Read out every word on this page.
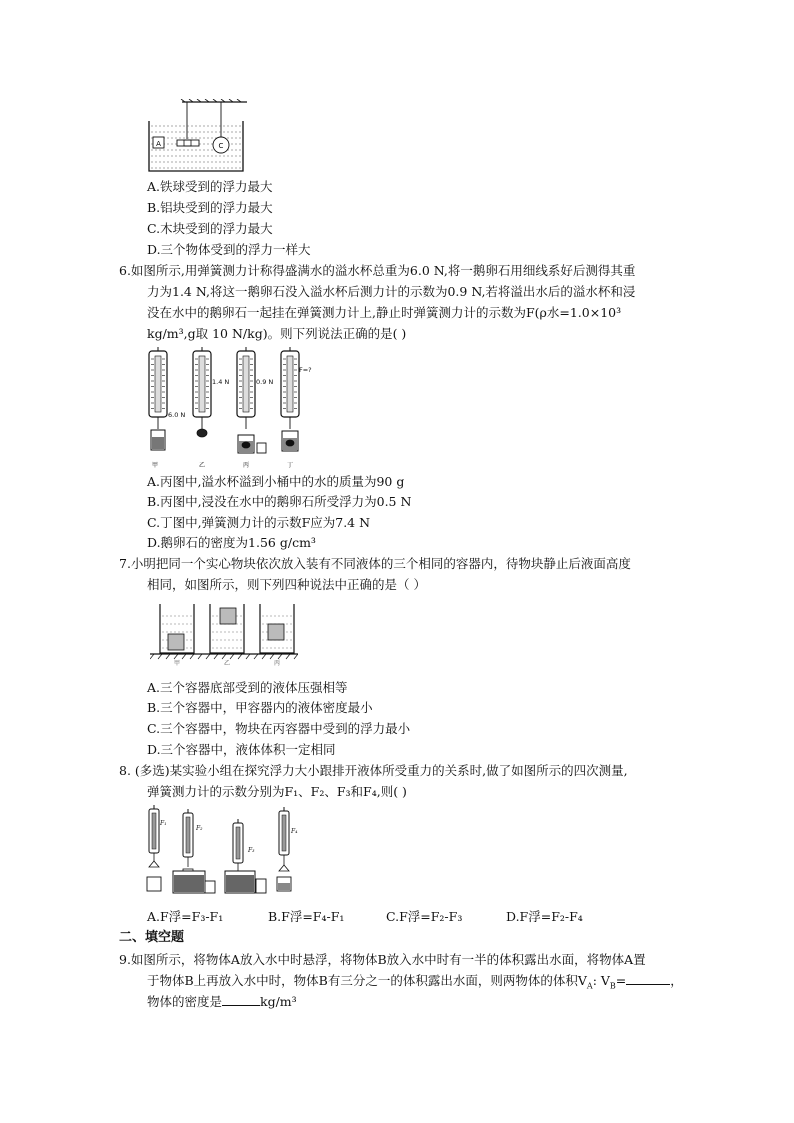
A	C
A.铁球受到的浮力最大
B.铝块受到的浮力最大
C.木块受到的浮力最大
D.三个物体受到的浮力一样大
6.如图所示,用弹簧测力计称得盛满水的溢水杯总重为6.0 N,将一鹅卵石用细线系好后测得其重
力为1.4 N,将这一鹅卵石没入溢水杯后测力计的示数为0.9 N,若将溢出水后的溢水杯和浸
没在水中的鹅卵石一起挂在弹簧测力计上,静止时弹簧测力计的示数为F(ρ水=1.0×10³
kg/m³,g取 10 N/kg)。则下列说法正确的是( )
6.0 N
1.4 N	0.9 N
F=?
甲	乙	丙	丁
A.丙图中,溢水杯溢到小桶中的水的质量为90 g
B.丙图中,浸没在水中的鹅卵石所受浮力为0.5 N
C.丁图中,弹簧测力计的示数F应为7.4 N
D.鹅卵石的密度为1.56 g/cm³
7.小明把同一个实心物块依次放入装有不同液体的三个相同的容器内，待物块静止后液面高度
相同，如图所示，则下列四种说法中正确的是（ ）
甲	乙	丙
A.三个容器底部受到的液体压强相等
B.三个容器中，甲容器内的液体密度最小
C.三个容器中，物块在丙容器中受到的浮力最小
D.三个容器中，液体体积一定相同
8. (多选)某实验小组在探究浮力大小跟排开液体所受重力的关系时,做了如图所示的四次测量,
弹簧测力计的示数分别为F₁、F₂、F₃和F₄,则( )
F₁
F₂
F₃
F₄
A.F浮=F₃-F₁	B.F浮=F₄-F₁	C.F浮=F₂-F₃	D.F浮=F₂-F₄
二、填空题
9.如图所示，将物体A放入水中时悬浮，将物体B放入水中时有一半的体积露出水面，将物体A置
于物体B上再放入水中时，物体B有三分之一的体积露出水面，则两物体的体积$V_A$: $V_B=$	，
物体的密度是	kg/m³
